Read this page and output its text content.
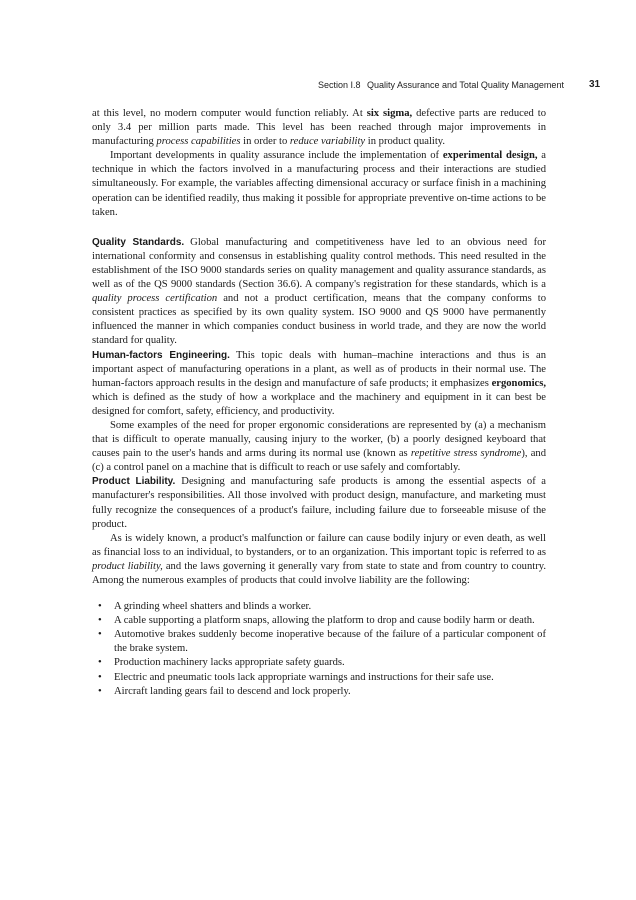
Section I.8 Quality Assurance and Total Quality Management	31

at this level, no modern computer would function reliably. At six sigma, defective parts are reduced to only 3.4 per million parts made. This level has been reached through major improvements in manufacturing process capabilities in order to reduce variability in product quality.

Important developments in quality assurance include the implementation of experimental design, a technique in which the factors involved in a manufacturing process and their interactions are studied simultaneously. For example, the variables affecting dimensional accuracy or surface finish in a machining operation can be identified readily, thus making it possible for appropriate preventive on-time actions to be taken.

Quality Standards. Global manufacturing and competitiveness have led to an obvious need for international conformity and consensus in establishing quality control methods. This need resulted in the establishment of the ISO 9000 standards series on quality management and quality assurance standards, as well as of the QS 9000 standards (Section 36.6). A company's registration for these standards, which is a quality process certification and not a product certification, means that the company conforms to consistent practices as specified by its own quality system. ISO 9000 and QS 9000 have permanently influenced the manner in which companies conduct business in world trade, and they are now the world standard for quality.

Human-factors Engineering. This topic deals with human–machine interactions and thus is an important aspect of manufacturing operations in a plant, as well as of products in their normal use. The human-factors approach results in the design and manufacture of safe products; it emphasizes ergonomics, which is defined as the study of how a workplace and the machinery and equipment in it can best be designed for comfort, safety, efficiency, and productivity.

Some examples of the need for proper ergonomic considerations are represented by (a) a mechanism that is difficult to operate manually, causing injury to the worker, (b) a poorly designed keyboard that causes pain to the user's hands and arms during its normal use (known as repetitive stress syndrome), and (c) a control panel on a machine that is difficult to reach or use safely and comfortably.

Product Liability. Designing and manufacturing safe products is among the essential aspects of a manufacturer's responsibilities. All those involved with product design, manufacture, and marketing must fully recognize the consequences of a product's failure, including failure due to forseeable misuse of the product.

As is widely known, a product's malfunction or failure can cause bodily injury or even death, as well as financial loss to an individual, to bystanders, or to an organization. This important topic is referred to as product liability, and the laws governing it generally vary from state to state and from country to country. Among the numerous examples of products that could involve liability are the following:

• A grinding wheel shatters and blinds a worker.
• A cable supporting a platform snaps, allowing the platform to drop and cause bodily harm or death.
• Automotive brakes suddenly become inoperative because of the failure of a particular component of the brake system.
• Production machinery lacks appropriate safety guards.
• Electric and pneumatic tools lack appropriate warnings and instructions for their safe use.
• Aircraft landing gears fail to descend and lock properly.
